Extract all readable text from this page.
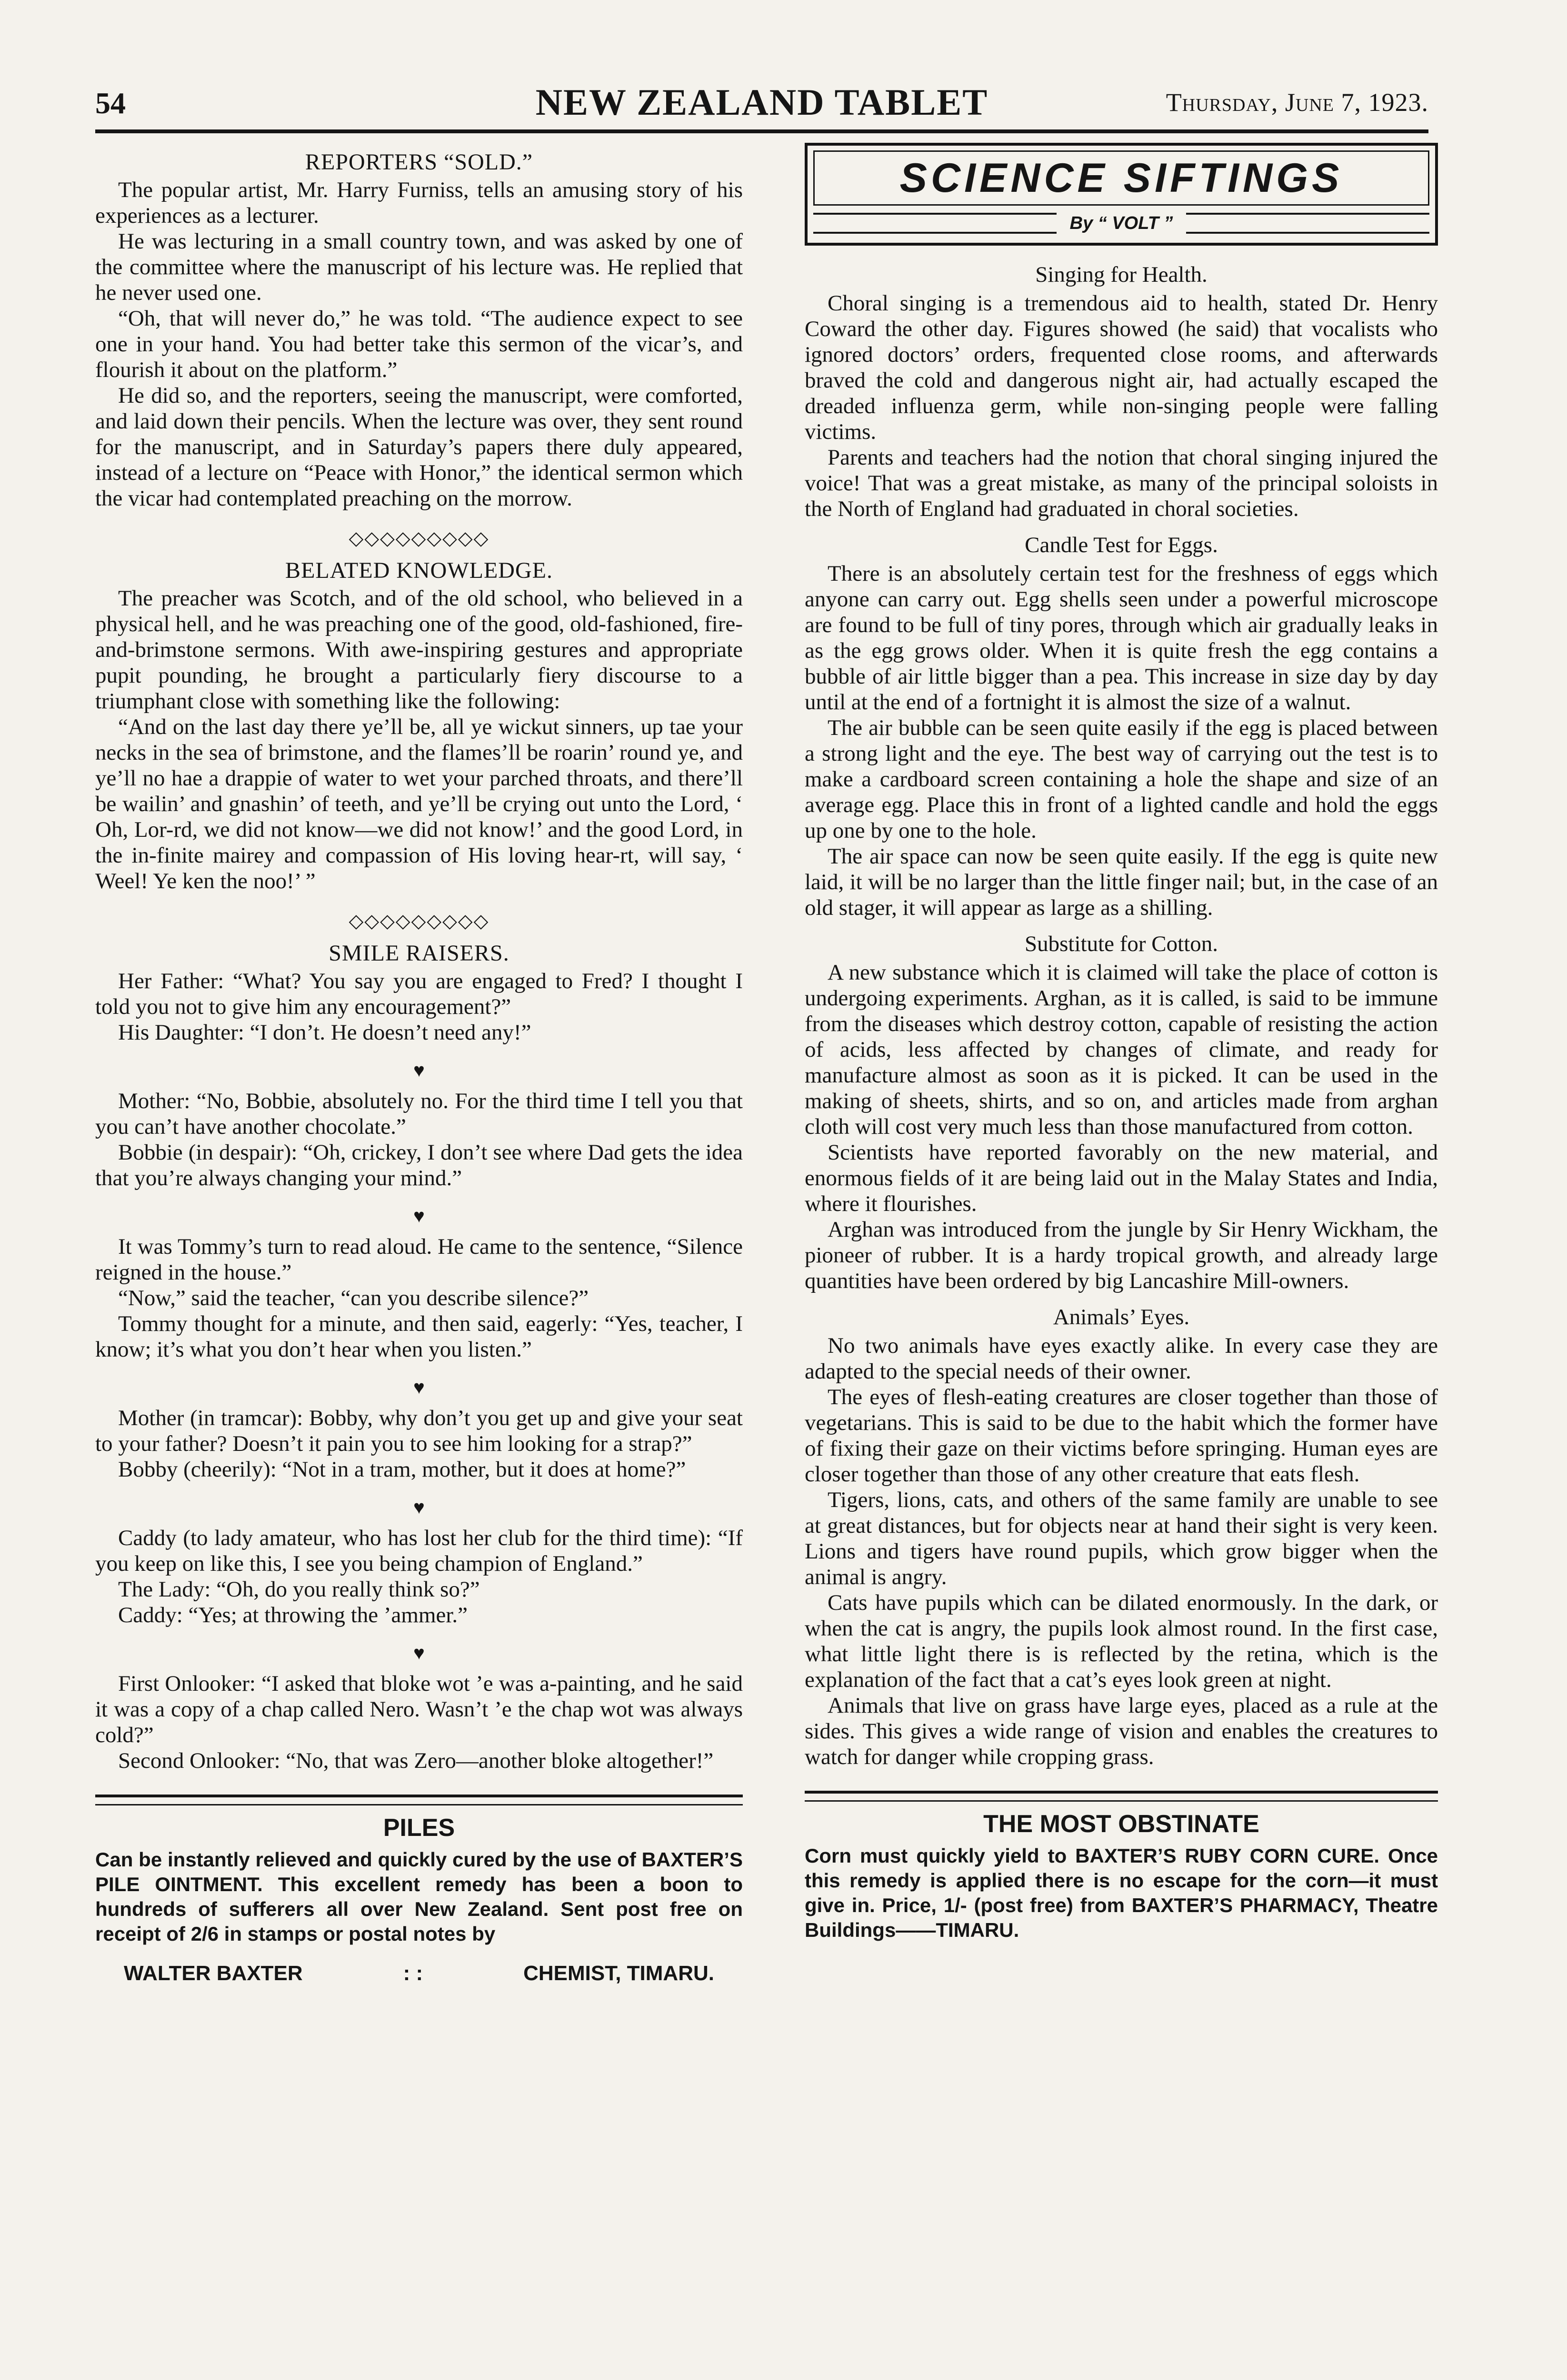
54	NEW ZEALAND TABLET	Thursday, June 7, 1923.
REPORTERS “SOLD.”

The popular artist, Mr. Harry Furniss, tells an amusing story of his experiences as a lecturer.

He was lecturing in a small country town, and was asked by one of the committee where the manuscript of his lecture was. He replied that he never used one.

“Oh, that will never do,” he was told. “The audience expect to see one in your hand. You had better take this sermon of the vicar’s, and flourish it about on the platform.”

He did so, and the reporters, seeing the manuscript, were comforted, and laid down their pencils. When the lecture was over, they sent round for the manuscript, and in Saturday’s papers there duly appeared, instead of a lecture on “Peace with Honor,” the identical sermon which the vicar had contemplated preaching on the morrow.

◇◇◇◇◇◇◇◇◇
BELATED KNOWLEDGE.

The preacher was Scotch, and of the old school, who believed in a physical hell, and he was preaching one of the good, old-fashioned, fire-and-brimstone sermons. With awe-inspiring gestures and appropriate pupit pounding, he brought a particularly fiery discourse to a triumphant close with something like the following:

“And on the last day there ye’ll be, all ye wickut sinners, up tae your necks in the sea of brimstone, and the flames’ll be roarin’ round ye, and ye’ll no hae a drappie of water to wet your parched throats, and there’ll be wailin’ and gnashin’ of teeth, and ye’ll be crying out unto the Lord, ‘ Oh, Lor-rd, we did not know—we did not know!’ and the good Lord, in the in-finite mairey and compassion of His loving hear-rt, will say, ‘ Weel! Ye ken the noo!’ ”

◇◇◇◇◇◇◇◇◇
SMILE RAISERS.

Her Father: “What? You say you are engaged to Fred? I thought I told you not to give him any encouragement?”

His Daughter: “I don’t. He doesn’t need any!”

♥

Mother: “No, Bobbie, absolutely no. For the third time I tell you that you can’t have another chocolate.”

Bobbie (in despair): “Oh, crickey, I don’t see where Dad gets the idea that you’re always changing your mind.”

♥

It was Tommy’s turn to read aloud. He came to the sentence, “Silence reigned in the house.”

“Now,” said the teacher, “can you describe silence?”

Tommy thought for a minute, and then said, eagerly: “Yes, teacher, I know; it’s what you don’t hear when you listen.”

♥

Mother (in tramcar): Bobby, why don’t you get up and give your seat to your father? Doesn’t it pain you to see him looking for a strap?”

Bobby (cheerily): “Not in a tram, mother, but it does at home?”

♥

Caddy (to lady amateur, who has lost her club for the third time): “If you keep on like this, I see you being champion of England.”

The Lady: “Oh, do you really think so?”

Caddy: “Yes; at throwing the ’ammer.”

♥

First Onlooker: “I asked that bloke wot ’e was a-painting, and he said it was a copy of a chap called Nero. Wasn’t ’e the chap wot was always cold?”

Second Onlooker: “No, that was Zero—another bloke altogether!”

PILES
Can be instantly relieved and quickly cured by the use of BAXTER’S PILE OINTMENT. This excellent remedy has been a boon to hundreds of sufferers all over New Zealand. Sent post free on receipt of 2/6 in stamps or postal notes by
WALTER BAXTER	: :	CHEMIST, TIMARU.
SCIENCE SIFTINGS
By “ VOLT ”
Singing for Health.

Choral singing is a tremendous aid to health, stated Dr. Henry Coward the other day. Figures showed (he said) that vocalists who ignored doctors’ orders, frequented close rooms, and afterwards braved the cold and dangerous night air, had actually escaped the dreaded influenza germ, while non-singing people were falling victims.

Parents and teachers had the notion that choral singing injured the voice! That was a great mistake, as many of the principal soloists in the North of England had graduated in choral societies.

Candle Test for Eggs.

There is an absolutely certain test for the freshness of eggs which anyone can carry out. Egg shells seen under a powerful microscope are found to be full of tiny pores, through which air gradually leaks in as the egg grows older. When it is quite fresh the egg contains a bubble of air little bigger than a pea. This increase in size day by day until at the end of a fortnight it is almost the size of a walnut.

The air bubble can be seen quite easily if the egg is placed between a strong light and the eye. The best way of carrying out the test is to make a cardboard screen containing a hole the shape and size of an average egg. Place this in front of a lighted candle and hold the eggs up one by one to the hole.

The air space can now be seen quite easily. If the egg is quite new laid, it will be no larger than the little finger nail; but, in the case of an old stager, it will appear as large as a shilling.

Substitute for Cotton.

A new substance which it is claimed will take the place of cotton is undergoing experiments. Arghan, as it is called, is said to be immune from the diseases which destroy cotton, capable of resisting the action of acids, less affected by changes of climate, and ready for manufacture almost as soon as it is picked. It can be used in the making of sheets, shirts, and so on, and articles made from arghan cloth will cost very much less than those manufactured from cotton.

Scientists have reported favorably on the new material, and enormous fields of it are being laid out in the Malay States and India, where it flourishes.

Arghan was introduced from the jungle by Sir Henry Wickham, the pioneer of rubber. It is a hardy tropical growth, and already large quantities have been ordered by big Lancashire Mill-owners.

Animals’ Eyes.

No two animals have eyes exactly alike. In every case they are adapted to the special needs of their owner.

The eyes of flesh-eating creatures are closer together than those of vegetarians. This is said to be due to the habit which the former have of fixing their gaze on their victims before springing. Human eyes are closer together than those of any other creature that eats flesh.

Tigers, lions, cats, and others of the same family are unable to see at great distances, but for objects near at hand their sight is very keen. Lions and tigers have round pupils, which grow bigger when the animal is angry.

Cats have pupils which can be dilated enormously. In the dark, or when the cat is angry, the pupils look almost round. In the first case, what little light there is is reflected by the retina, which is the explanation of the fact that a cat’s eyes look green at night.

Animals that live on grass have large eyes, placed as a rule at the sides. This gives a wide range of vision and enables the creatures to watch for danger while cropping grass.

THE MOST OBSTINATE
Corn must quickly yield to BAXTER’S RUBY CORN CURE. Once this remedy is applied there is no escape for the corn—it must give in. Price, 1/- (post free) from BAXTER’S PHARMACY, Theatre Buildings——TIMARU.
